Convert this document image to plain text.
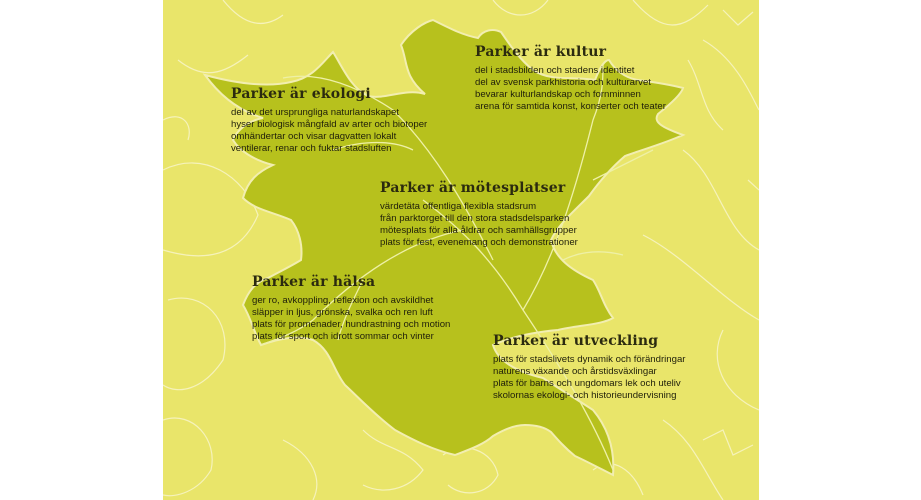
Parker är ekologi
del av det ursprungliga naturlandskapet
hyser biologisk mångfald av arter och biotoper
omhändertar och visar dagvatten lokalt
ventilerar, renar och fuktar stadsluften
Parker är kultur
del i stadsbilden och stadens identitet
del av svensk parkhistoria och kulturarvet
bevarar kulturlandskap och fornminnen
arena för samtida konst, konserter och teater
Parker är mötesplatser
värdetäta offentliga flexibla stadsrum
från parktorget till den stora stadsdelsparken
mötesplats för alla åldrar och samhällsgrupper
plats för fest, evenemang och demonstrationer
Parker är hälsa
ger ro, avkoppling, reflexion och avskildhet
släpper in ljus, grönska, svalka och ren luft
plats för promenader, hundrastning och motion
plats för sport och idrott sommar och vinter	Parker är utveckling
plats för stadslivets dynamik och förändringar
naturens växande och årstidsväxlingar
plats för barns och ungdomars lek och uteliv
skolornas ekologi- och historieundervisning
